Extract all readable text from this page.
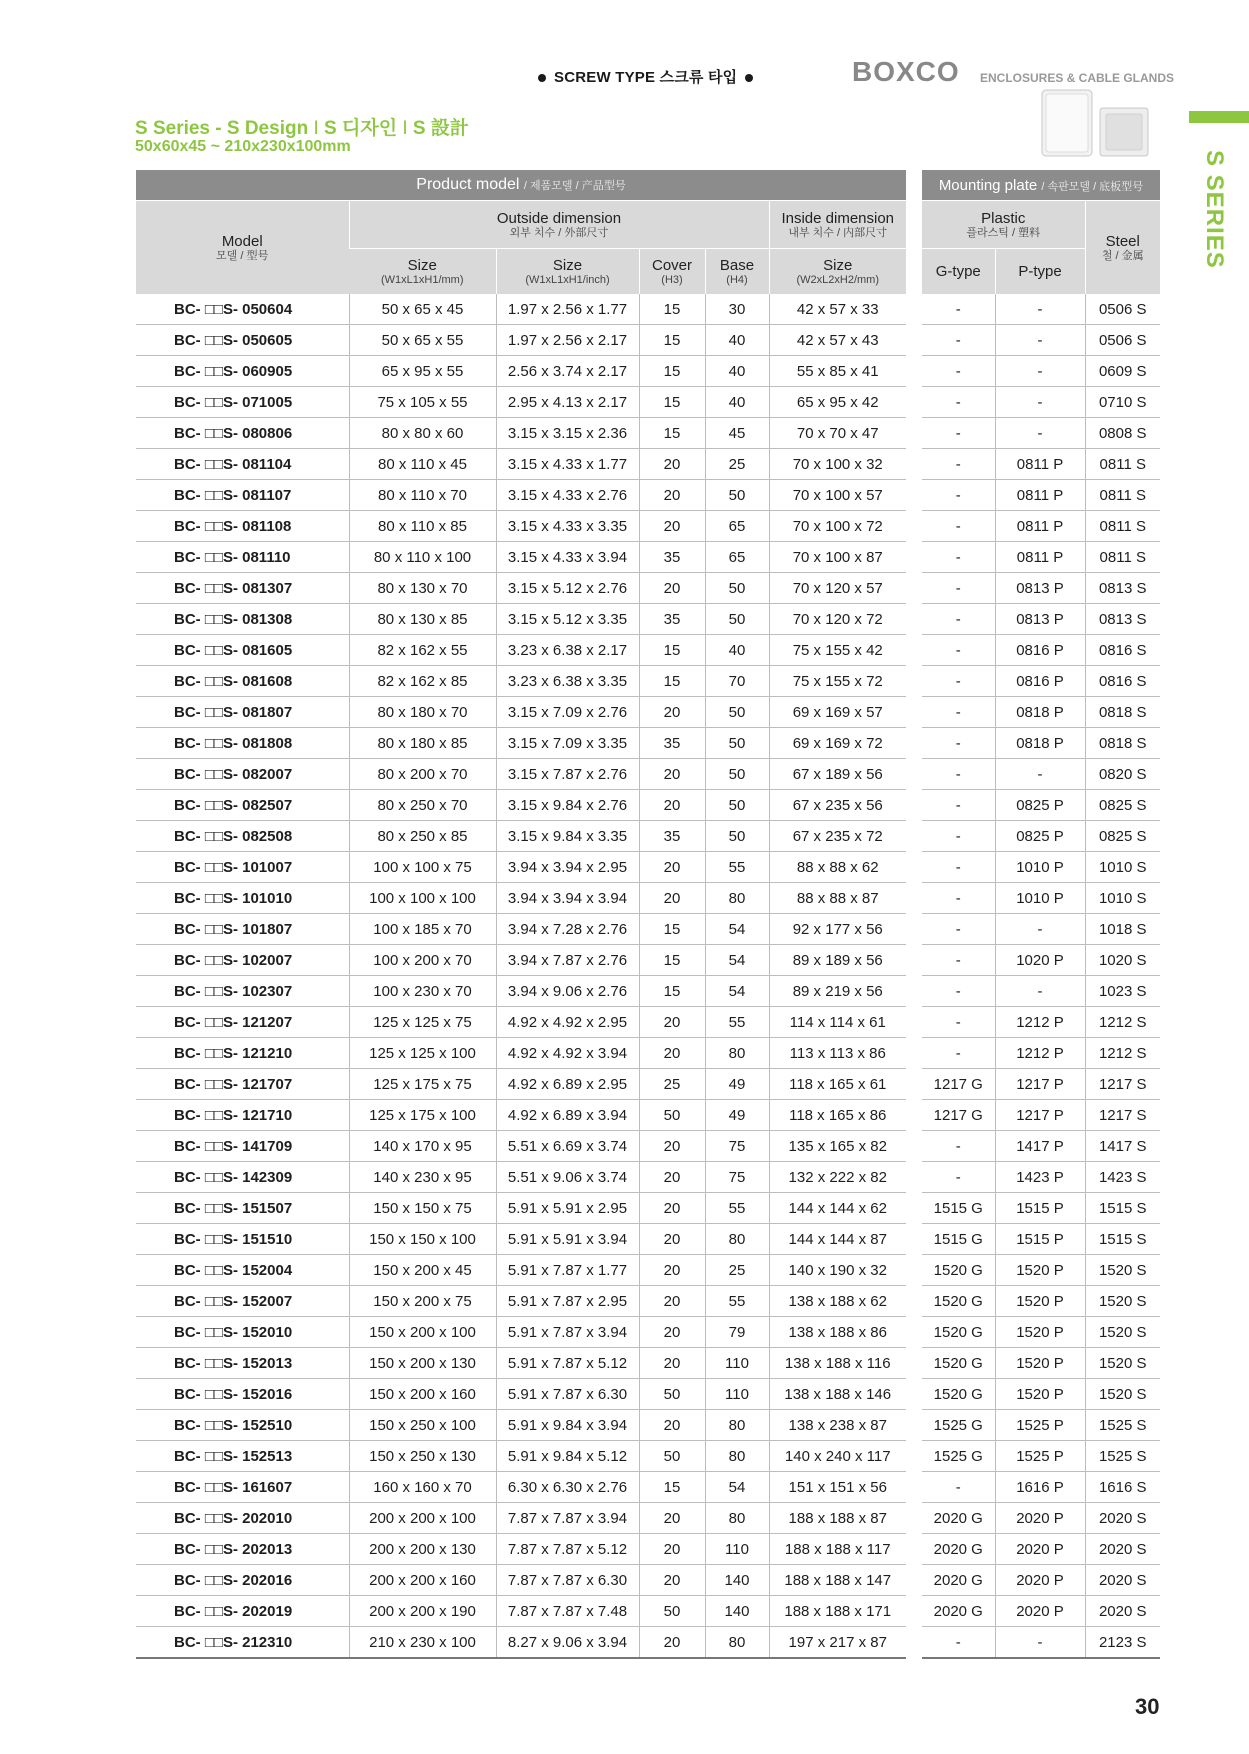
SCREW TYPE 스크류 타입	BOXCO ENCLOSURES & CABLE GLANDS
S SERIES
S Series - S Design I S 디자인 I S 設計
50x60x45 ~ 210x230x100mm
Product model / 제품모델 / 产品型号					
Model
모델 / 型号	Outside dimension
외부 치수 / 外部尺寸				Inside dimension
내부 치수 / 内部尺寸

	Size
(W1xL1xH1/mm)	Size
(W1xL1xH1/inch)	Cover
(H3)	Base
(H4)	Size
(W2xL2xH2/mm)

BC- □□S- 050604	50 x 65 x 45	1.97 x 2.56 x 1.77	15	30	42 x 57 x 33
BC- □□S- 050605	50 x 65 x 55	1.97 x 2.56 x 2.17	15	40	42 x 57 x 43
BC- □□S- 060905	65 x 95 x 55	2.56 x 3.74 x 2.17	15	40	55 x 85 x 41
BC- □□S- 071005	75 x 105 x 55	2.95 x 4.13 x 2.17	15	40	65 x 95 x 42
BC- □□S- 080806	80 x 80 x 60	3.15 x 3.15 x 2.36	15	45	70 x 70 x 47
BC- □□S- 081104	80 x 110 x 45	3.15 x 4.33 x 1.77	20	25	70 x 100 x 32
BC- □□S- 081107	80 x 110 x 70	3.15 x 4.33 x 2.76	20	50	70 x 100 x 57
BC- □□S- 081108	80 x 110 x 85	3.15 x 4.33 x 3.35	20	65	70 x 100 x 72
BC- □□S- 081110	80 x 110 x 100	3.15 x 4.33 x 3.94	35	65	70 x 100 x 87
BC- □□S- 081307	80 x 130 x 70	3.15 x 5.12 x 2.76	20	50	70 x 120 x 57
BC- □□S- 081308	80 x 130 x 85	3.15 x 5.12 x 3.35	35	50	70 x 120 x 72
BC- □□S- 081605	82 x 162 x 55	3.23 x 6.38 x 2.17	15	40	75 x 155 x 42
BC- □□S- 081608	82 x 162 x 85	3.23 x 6.38 x 3.35	15	70	75 x 155 x 72
BC- □□S- 081807	80 x 180 x 70	3.15 x 7.09 x 2.76	20	50	69 x 169 x 57
BC- □□S- 081808	80 x 180 x 85	3.15 x 7.09 x 3.35	35	50	69 x 169 x 72
BC- □□S- 082007	80 x 200 x 70	3.15 x 7.87 x 2.76	20	50	67 x 189 x 56
BC- □□S- 082507	80 x 250 x 70	3.15 x 9.84 x 2.76	20	50	67 x 235 x 56
BC- □□S- 082508	80 x 250 x 85	3.15 x 9.84 x 3.35	35	50	67 x 235 x 72
BC- □□S- 101007	100 x 100 x 75	3.94 x 3.94 x 2.95	20	55	88 x 88 x 62
BC- □□S- 101010	100 x 100 x 100	3.94 x 3.94 x 3.94	20	80	88 x 88 x 87
BC- □□S- 101807	100 x 185 x 70	3.94 x 7.28 x 2.76	15	54	92 x 177 x 56
BC- □□S- 102007	100 x 200 x 70	3.94 x 7.87 x 2.76	15	54	89 x 189 x 56
BC- □□S- 102307	100 x 230 x 70	3.94 x 9.06 x 2.76	15	54	89 x 219 x 56
BC- □□S- 121207	125 x 125 x 75	4.92 x 4.92 x 2.95	20	55	114 x 114 x 61
BC- □□S- 121210	125 x 125 x 100	4.92 x 4.92 x 3.94	20	80	113 x 113 x 86
BC- □□S- 121707	125 x 175 x 75	4.92 x 6.89 x 2.95	25	49	118 x 165 x 61
BC- □□S- 121710	125 x 175 x 100	4.92 x 6.89 x 3.94	50	49	118 x 165 x 86
BC- □□S- 141709	140 x 170 x 95	5.51 x 6.69 x 3.74	20	75	135 x 165 x 82
BC- □□S- 142309	140 x 230 x 95	5.51 x 9.06 x 3.74	20	75	132 x 222 x 82
BC- □□S- 151507	150 x 150 x 75	5.91 x 5.91 x 2.95	20	55	144 x 144 x 62
BC- □□S- 151510	150 x 150 x 100	5.91 x 5.91 x 3.94	20	80	144 x 144 x 87
BC- □□S- 152004	150 x 200 x 45	5.91 x 7.87 x 1.77	20	25	140 x 190 x 32
BC- □□S- 152007	150 x 200 x 75	5.91 x 7.87 x 2.95	20	55	138 x 188 x 62
BC- □□S- 152010	150 x 200 x 100	5.91 x 7.87 x 3.94	20	79	138 x 188 x 86
BC- □□S- 152013	150 x 200 x 130	5.91 x 7.87 x 5.12	20	110	138 x 188 x 116
BC- □□S- 152016	150 x 200 x 160	5.91 x 7.87 x 6.30	50	110	138 x 188 x 146
BC- □□S- 152510	150 x 250 x 100	5.91 x 9.84 x 3.94	20	80	138 x 238 x 87
BC- □□S- 152513	150 x 250 x 130	5.91 x 9.84 x 5.12	50	80	140 x 240 x 117
BC- □□S- 161607	160 x 160 x 70	6.30 x 6.30 x 2.76	15	54	151 x 151 x 56
BC- □□S- 202010	200 x 200 x 100	7.87 x 7.87 x 3.94	20	80	188 x 188 x 87
BC- □□S- 202013	200 x 200 x 130	7.87 x 7.87 x 5.12	20	110	188 x 188 x 117
BC- □□S- 202016	200 x 200 x 160	7.87 x 7.87 x 6.30	20	140	188 x 188 x 147
BC- □□S- 202019	200 x 200 x 190	7.87 x 7.87 x 7.48	50	140	188 x 188 x 171
BC- □□S- 212310	210 x 230 x 100	8.27 x 9.06 x 3.94	20	80	197 x 217 x 87
Mounting plate / 속판모델 / 底板型号		
Plastic
플라스틱 / 塑料		Steel
철 / 金属

G-type	P-type	
-	-	0506 S
-	-	0506 S
-	-	0609 S
-	-	0710 S
-	-	0808 S
-	0811 P	0811 S
-	0811 P	0811 S
-	0811 P	0811 S
-	0811 P	0811 S
-	0813 P	0813 S
-	0813 P	0813 S
-	0816 P	0816 S
-	0816 P	0816 S
-	0818 P	0818 S
-	0818 P	0818 S
-	-	0820 S
-	0825 P	0825 S
-	0825 P	0825 S
-	1010 P	1010 S
-	1010 P	1010 S
-	-	1018 S
-	1020 P	1020 S
-	-	1023 S
-	1212 P	1212 S
-	1212 P	1212 S
1217 G	1217 P	1217 S
1217 G	1217 P	1217 S
-	1417 P	1417 S
-	1423 P	1423 S
1515 G	1515 P	1515 S
1515 G	1515 P	1515 S
1520 G	1520 P	1520 S
1520 G	1520 P	1520 S
1520 G	1520 P	1520 S
1520 G	1520 P	1520 S
1520 G	1520 P	1520 S
1525 G	1525 P	1525 S
1525 G	1525 P	1525 S
-	1616 P	1616 S
2020 G	2020 P	2020 S
2020 G	2020 P	2020 S
2020 G	2020 P	2020 S
2020 G	2020 P	2020 S
-	-	2123 S
30
